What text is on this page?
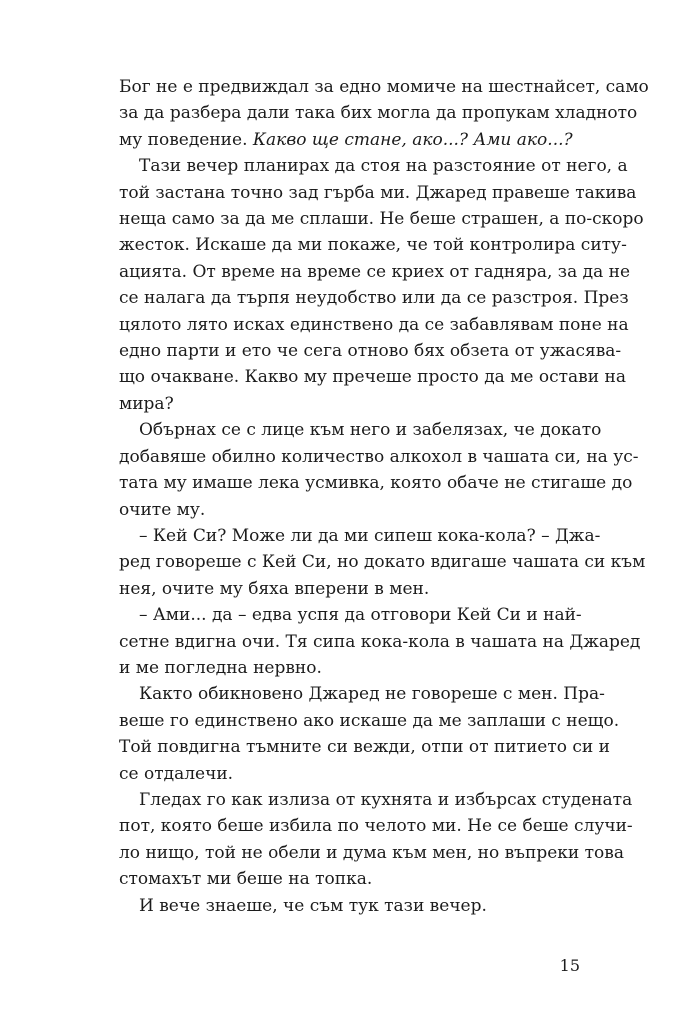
Бог не е предвиждал за едно момиче на шестнайсет, само
за да разбера дали така бих могла да пропукам хладното
му поведение. Какво ще стане, ако...? Ами ако...?

Тази вечер планирах да стоя на разстояние от него, а
той застана точно зад гърба ми. Джаред правеше такива
неща само за да ме сплаши. Не беше страшен, а по-скоро
жесток. Искаше да ми покаже, че той контролира ситу-
ацията. От време на време се криех от гадняра, за да не
се налага да търпя неудобство или да се разстроя. През
цялото лято исках единствено да се забавлявам поне на
едно парти и ето че сега отново бях обзета от ужасява-
що очакване. Какво му пречеше просто да ме остави на
мира?

Обърнах се с лице към него и забелязах, че докато
добавяше обилно количество алкохол в чашата си, на ус-
тата му имаше лека усмивка, която обаче не стигаше до
очите му.

– Кей Си? Може ли да ми сипеш кока-кола? – Джа-
ред говореше с Кей Си, но докато вдигаше чашата си към
нея, очите му бяха вперени в мен.

– Ами... да – едва успя да отговори Кей Си и най-
сетне вдигна очи. Тя сипа кока-кола в чашата на Джаред
и ме погледна нервно.

Както обикновено Джаред не говореше с мен. Пра-
веше го единствено ако искаше да ме заплаши с нещо.
Той повдигна тъмните си вежди, отпи от питието си и
се отдалечи.

Гледах го как излиза от кухнята и избърсах студената
пот, която беше избила по челото ми. Не се беше случи-
ло нищо, той не обели и дума към мен, но въпреки това
стомахът ми беше на топка.

И вече знаеше, че съм тук тази вечер.

15
